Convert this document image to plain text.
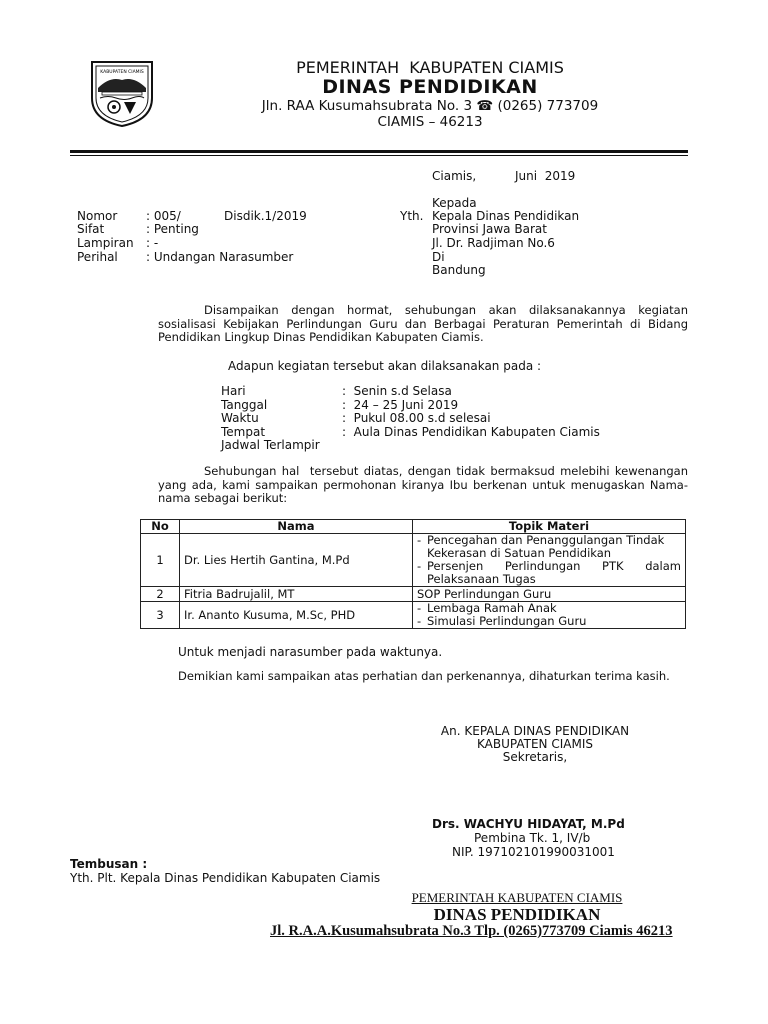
KABUPATEN CIAMIS	PEMERINTAH  KABUPATEN CIAMIS
DINAS PENDIDIKAN
Jln. RAA Kusumahsubrata No. 3 ☎ (0265) 773709
CIAMIS – 46213
Ciamis,	Juni  2019
Kepada
Yth. Kepala Dinas Pendidikan
Provinsi Jawa Barat
Jl. Dr. Radjiman No.6
Di
Bandung
Nomor : 005/	Disdik.1/2019
Sifat	: Penting
Lampiran : -
Perihal : Undangan Narasumber
Disampaikan dengan hormat, sehubungan akan dilaksanakannya kegiatan sosialisasi Kebijakan Perlindungan Guru dan Berbagai Peraturan Pemerintah di Bidang Pendidikan Lingkup Dinas Pendidikan Kabupaten Ciamis.
Adapun kegiatan tersebut akan dilaksanakan pada :
Hari	:  Senin s.d Selasa
Tanggal	:  24 – 25 Juni 2019
Waktu	:  Pukul 08.00 s.d selesai
Tempat	:  Aula Dinas Pendidikan Kabupaten Ciamis
Jadwal Terlampir
Sehubungan hal  tersebut diatas, dengan tidak bermaksud melebihi kewenangan yang ada, kami sampaikan permohonan kiranya Ibu berkenan untuk menugaskan Nama-nama sebagai berikut:
No	Nama	Topik Materi
1	Dr. Lies Hertih Gantina, M.Pd	- Pencegahan dan Penanggulangan Tindak Kekerasan di Satuan Pendidikan
- Persenjen  Perlindungan  PTK  dalam Pelaksanaan Tugas

2	Fitria Badrujalil, MT	SOP Perlindungan Guru

3	Ir. Ananto Kusuma, M.Sc, PHD	- Lembaga Ramah Anak
- Simulasi Perlindungan Guru
Untuk menjadi narasumber pada waktunya.
Demikian kami sampaikan atas perhatian dan perkenannya, dihaturkan terima kasih.
An. KEPALA DINAS PENDIDIKAN
KABUPATEN CIAMIS
Sekretaris,
Drs. WACHYU HIDAYAT, M.Pd
Pembina Tk. 1, IV/b
NIP. 197102101990031001
Tembusan :
Yth. Plt. Kepala Dinas Pendidikan Kabupaten Ciamis
PEMERINTAH KABUPATEN CIAMIS
DINAS PENDIDIKAN
Jl. R.A.A.Kusumahsubrata No.3 Tlp. (0265)773709 Ciamis 46213
